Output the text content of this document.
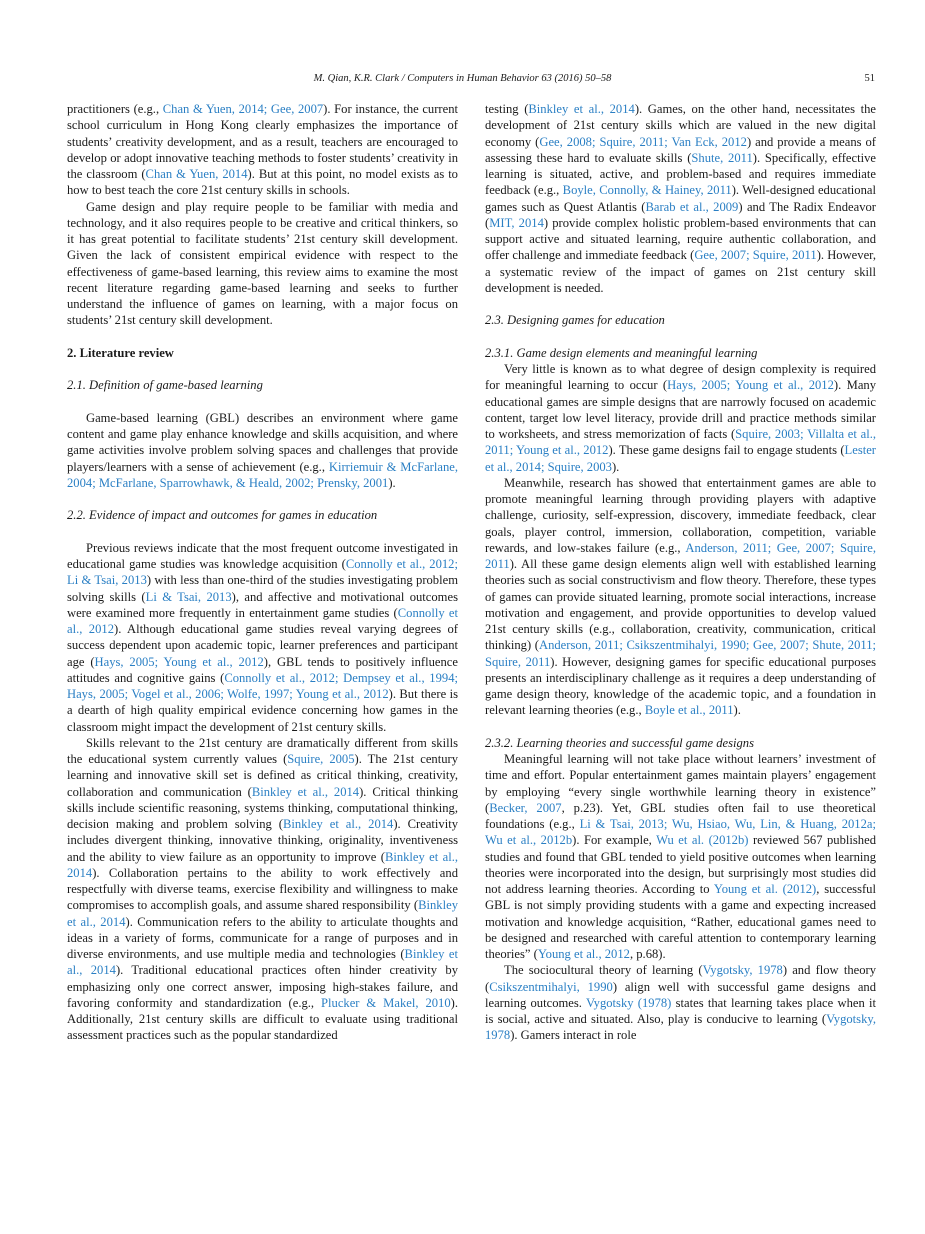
M. Qian, K.R. Clark / Computers in Human Behavior 63 (2016) 50–58	51

practitioners (e.g., Chan & Yuen, 2014; Gee, 2007). For instance, the current school curriculum in Hong Kong clearly emphasizes the importance of students’ creativity development, and as a result, teachers are encouraged to develop or adopt innovative teaching methods to foster students’ creativity in the classroom (Chan & Yuen, 2014). But at this point, no model exists as to how to best teach the core 21st century skills in schools.

Game design and play require people to be familiar with media and technology, and it also requires people to be creative and critical thinkers, so it has great potential to facilitate students’ 21st century skill development. Given the lack of consistent empirical evidence with respect to the effectiveness of game-based learning, this review aims to examine the most recent literature regarding game-based learning and seeks to further understand the influence of games on learning, with a major focus on students’ 21st century skill development.

2. Literature review
2.1. Definition of game-based learning

Game-based learning (GBL) describes an environment where game content and game play enhance knowledge and skills acquisition, and where game activities involve problem solving spaces and challenges that provide players/learners with a sense of achievement (e.g., Kirriemuir & McFarlane, 2004; McFarlane, Sparrowhawk, & Heald, 2002; Prensky, 2001).

2.2. Evidence of impact and outcomes for games in education

Previous reviews indicate that the most frequent outcome investigated in educational game studies was knowledge acquisition (Connolly et al., 2012; Li & Tsai, 2013) with less than one-third of the studies investigating problem solving skills (Li & Tsai, 2013), and affective and motivational outcomes were examined more frequently in entertainment game studies (Connolly et al., 2012). Although educational game studies reveal varying degrees of success dependent upon academic topic, learner preferences and participant age (Hays, 2005; Young et al., 2012), GBL tends to positively influence attitudes and cognitive gains (Connolly et al., 2012; Dempsey et al., 1994; Hays, 2005; Vogel et al., 2006; Wolfe, 1997; Young et al., 2012). But there is a dearth of high quality empirical evidence concerning how games in the classroom might impact the development of 21st century skills.

Skills relevant to the 21st century are dramatically different from skills the educational system currently values (Squire, 2005). The 21st century learning and innovative skill set is defined as critical thinking, creativity, collaboration and communication (Binkley et al., 2014). Critical thinking skills include scientific reasoning, systems thinking, computational thinking, decision making and problem solving (Binkley et al., 2014). Creativity includes divergent thinking, innovative thinking, originality, inventiveness and the ability to view failure as an opportunity to improve (Binkley et al., 2014). Collaboration pertains to the ability to work effectively and respectfully with diverse teams, exercise flexibility and willingness to make compromises to accomplish goals, and assume shared responsibility (Binkley et al., 2014). Communication refers to the ability to articulate thoughts and ideas in a variety of forms, communicate for a range of purposes and in diverse environments, and use multiple media and technologies (Binkley et al., 2014). Traditional educational practices often hinder creativity by emphasizing only one correct answer, imposing high-stakes failure, and favoring conformity and standardization (e.g., Plucker & Makel, 2010). Additionally, 21st century skills are difficult to evaluate using traditional assessment practices such as the popular standardized

testing (Binkley et al., 2014). Games, on the other hand, necessitates the development of 21st century skills which are valued in the new digital economy (Gee, 2008; Squire, 2011; Van Eck, 2012) and provide a means of assessing these hard to evaluate skills (Shute, 2011). Specifically, effective learning is situated, active, and problem-based and requires immediate feedback (e.g., Boyle, Connolly, & Hainey, 2011). Well-designed educational games such as Quest Atlantis (Barab et al., 2009) and The Radix Endeavor (MIT, 2014) provide complex holistic problem-based environments that can support active and situated learning, require authentic collaboration, and offer challenge and immediate feedback (Gee, 2007; Squire, 2011). However, a systematic review of the impact of games on 21st century skill development is needed.

2.3. Designing games for education
2.3.1. Game design elements and meaningful learning

Very little is known as to what degree of design complexity is required for meaningful learning to occur (Hays, 2005; Young et al., 2012). Many educational games are simple designs that are narrowly focused on academic content, target low level literacy, provide drill and practice methods similar to worksheets, and stress memorization of facts (Squire, 2003; Villalta et al., 2011; Young et al., 2012). These game designs fail to engage students (Lester et al., 2014; Squire, 2003).

Meanwhile, research has showed that entertainment games are able to promote meaningful learning through providing players with adaptive challenge, curiosity, self-expression, discovery, immediate feedback, clear goals, player control, immersion, collaboration, competition, variable rewards, and low-stakes failure (e.g., Anderson, 2011; Gee, 2007; Squire, 2011). All these game design elements align well with established learning theories such as social constructivism and flow theory. Therefore, these types of games can provide situated learning, promote social interactions, increase motivation and engagement, and provide opportunities to develop valued 21st century skills (e.g., collaboration, creativity, communication, critical thinking) (Anderson, 2011; Csikszentmihalyi, 1990; Gee, 2007; Shute, 2011; Squire, 2011). However, designing games for specific educational purposes presents an interdisciplinary challenge as it requires a deep understanding of game design theory, knowledge of the academic topic, and a foundation in relevant learning theories (e.g., Boyle et al., 2011).

2.3.2. Learning theories and successful game designs

Meaningful learning will not take place without learners’ investment of time and effort. Popular entertainment games maintain players’ engagement by employing “every single worthwhile learning theory in existence” (Becker, 2007, p.23). Yet, GBL studies often fail to use theoretical foundations (e.g., Li & Tsai, 2013; Wu, Hsiao, Wu, Lin, & Huang, 2012a; Wu et al., 2012b). For example, Wu et al. (2012b) reviewed 567 published studies and found that GBL tended to yield positive outcomes when learning theories were incorporated into the design, but surprisingly most studies did not address learning theories. According to Young et al. (2012), successful GBL is not simply providing students with a game and expecting increased motivation and knowledge acquisition, “Rather, educational games need to be designed and researched with careful attention to contemporary learning theories” (Young et al., 2012, p.68).

The sociocultural theory of learning (Vygotsky, 1978) and flow theory (Csikszentmihalyi, 1990) align well with successful game designs and learning outcomes. Vygotsky (1978) states that learning takes place when it is social, active and situated. Also, play is conducive to learning (Vygotsky, 1978). Gamers interact in role
